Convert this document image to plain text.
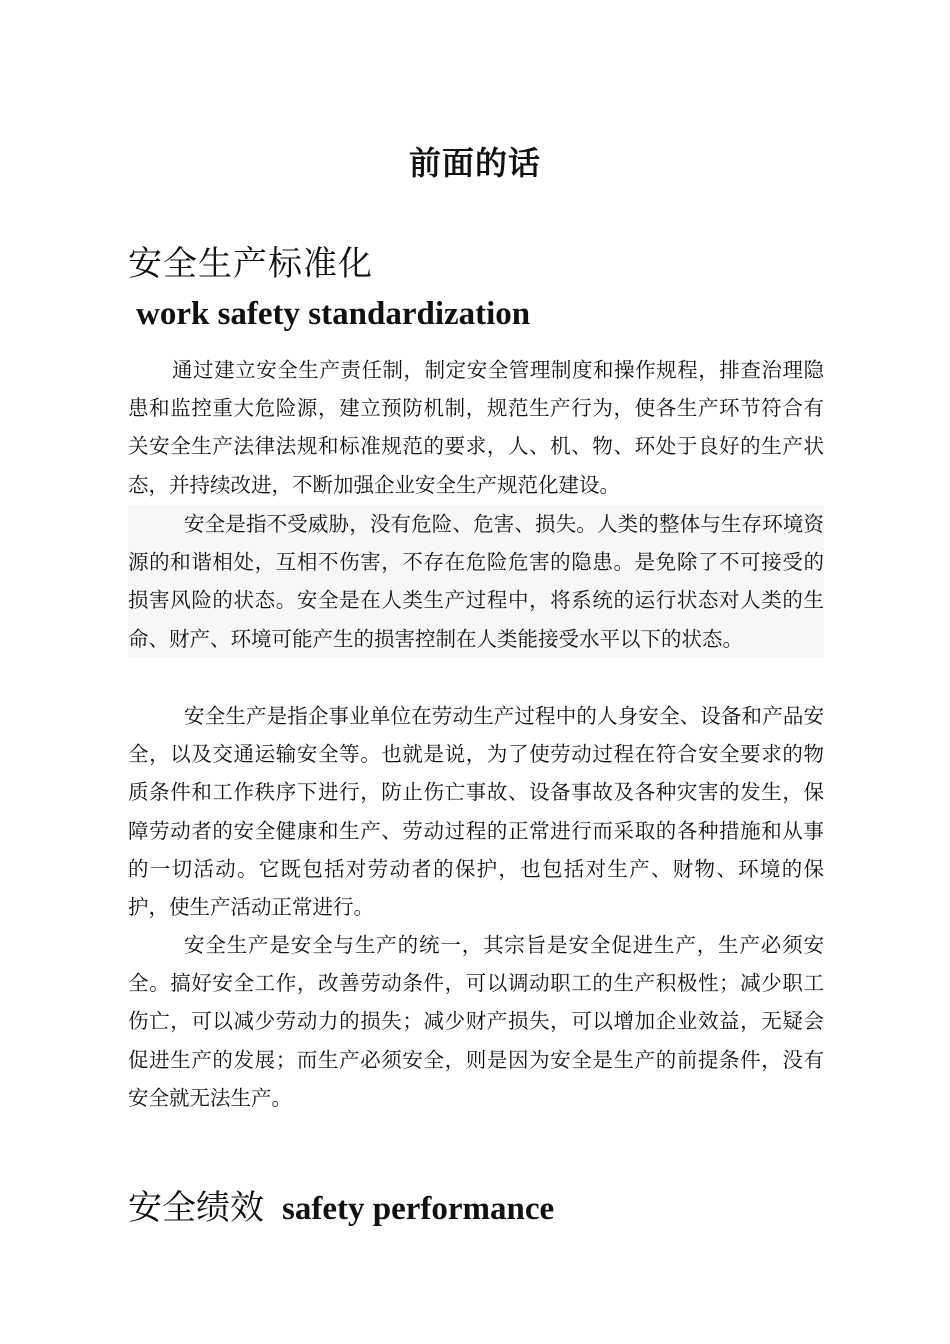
前面的话
安全生产标准化
work safety standardization

通过建立安全生产责任制，制定安全管理制度和操作规程，排查治理隐患和监控重大危险源，建立预防机制，规范生产行为，使各生产环节符合有关安全生产法律法规和标准规范的要求，人、机、物、环处于良好的生产状态，并持续改进，不断加强企业安全生产规范化建设。

安全是指不受威胁，没有危险、危害、损失。人类的整体与生存环境资源的和谐相处，互相不伤害，不存在危险危害的隐患。是免除了不可接受的损害风险的状态。安全是在人类生产过程中，将系统的运行状态对人类的生命、财产、环境可能产生的损害控制在人类能接受水平以下的状态。

安全生产是指企事业单位在劳动生产过程中的人身安全、设备和产品安全，以及交通运输安全等。也就是说，为了使劳动过程在符合安全要求的物质条件和工作秩序下进行，防止伤亡事故、设备事故及各种灾害的发生，保障劳动者的安全健康和生产、劳动过程的正常进行而采取的各种措施和从事的一切活动。它既包括对劳动者的保护，也包括对生产、财物、环境的保护，使生产活动正常进行。

安全生产是安全与生产的统一，其宗旨是安全促进生产，生产必须安全。搞好安全工作，改善劳动条件，可以调动职工的生产积极性；减少职工伤亡，可以减少劳动力的损失；减少财产损失，可以增加企业效益，无疑会促进生产的发展；而生产必须安全，则是因为安全是生产的前提条件，没有安全就无法生产。

安全绩效 safety performance
